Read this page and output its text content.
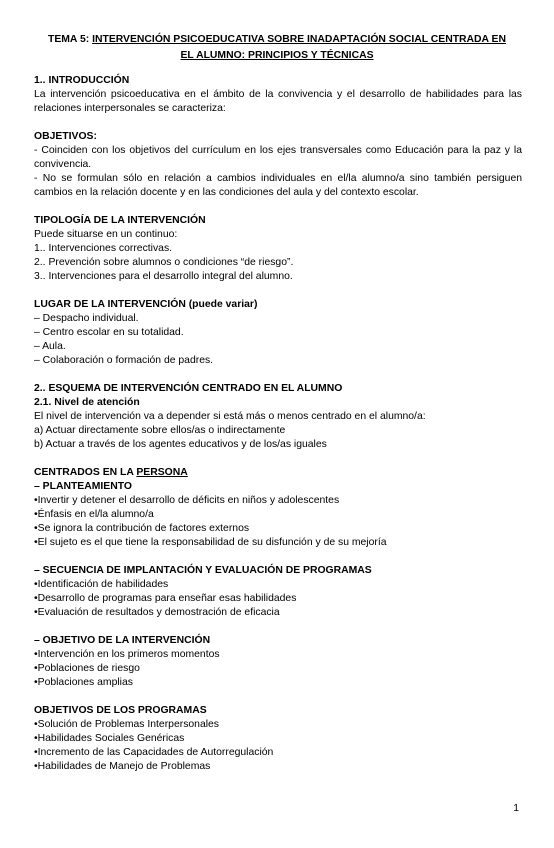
TEMA 5: INTERVENCIÓN PSICOEDUCATIVA SOBRE INADAPTACIÓN SOCIAL CENTRADA EN
EL ALUMNO: PRINCIPIOS Y TÉCNICAS

1.. INTRODUCCIÓN

La intervención psicoeducativa en el ámbito de la convivencia y el desarrollo de habilidades para las relaciones interpersonales se caracteriza:

OBJETIVOS:

- Coinciden con los objetivos del currículum en los ejes transversales como Educación para la paz y la convivencia.

- No se formulan sólo en relación a cambios individuales en el/la alumno/a sino también persiguen cambios en la relación docente y en las condiciones del aula y del contexto escolar.

TIPOLOGÍA DE LA INTERVENCIÓN

Puede situarse en un continuo:

1.. Intervenciones correctivas.

2.. Prevención sobre alumnos o condiciones “de riesgo”.

3.. Intervenciones para el desarrollo integral del alumno.

LUGAR DE LA INTERVENCIÓN (puede variar)

– Despacho individual.

– Centro escolar en su totalidad.

– Aula.

– Colaboración o formación de padres.

2.. ESQUEMA DE INTERVENCIÓN CENTRADO EN EL ALUMNO

2.1. Nivel de atención

El nivel de intervención va a depender si está más o menos centrado en el alumno/a:

a) Actuar directamente sobre ellos/as o indirectamente

b) Actuar a través de los agentes educativos y de los/as iguales

CENTRADOS EN LA PERSONA

– PLANTEAMIENTO

•Invertir y detener el desarrollo de déficits en niños y adolescentes

•Énfasis en el/la alumno/a

•Se ignora la contribución de factores externos

•El sujeto es el que tiene la responsabilidad de su disfunción y de su mejoría

– SECUENCIA DE IMPLANTACIÓN Y EVALUACIÓN DE PROGRAMAS

•Identificación de habilidades

•Desarrollo de programas para enseñar esas habilidades

•Evaluación de resultados y demostración de eficacia

– OBJETIVO DE LA INTERVENCIÓN

•Intervención en los primeros momentos

•Poblaciones de riesgo

•Poblaciones amplias

OBJETIVOS DE LOS PROGRAMAS

•Solución de Problemas Interpersonales

•Habilidades Sociales Genéricas

•Incremento de las Capacidades de Autorregulación

•Habilidades de Manejo de Problemas

1
